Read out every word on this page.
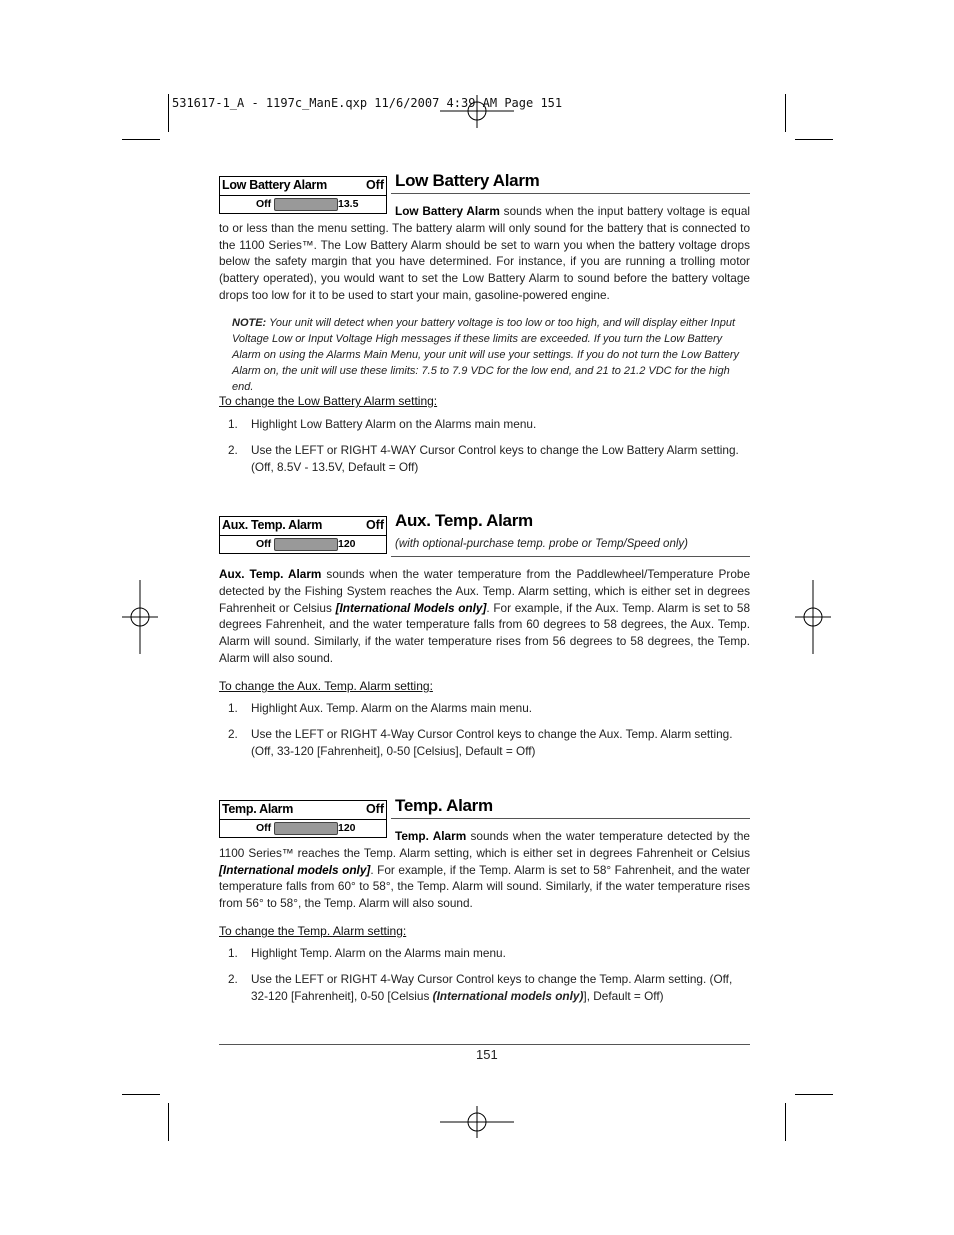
531617-1_A - 1197c_ManE.qxp 11/6/2007 4:39 AM Page 151
Low Battery Alarm	Off
Off	13.5
Low Battery Alarm
Low Battery Alarm sounds when the input battery voltage is equal to or less than the menu setting. The battery alarm will only sound for the battery that is connected to the 1100 Series™. The Low Battery Alarm should be set to warn you when the battery voltage drops below the safety margin that you have determined. For instance, if you are running a trolling motor (battery operated), you would want to set the Low Battery Alarm to sound before the battery voltage drops too low for it to be used to start your main, gasoline-powered engine.
NOTE: Your unit will detect when your battery voltage is too low or too high, and will display either Input Voltage Low or Input Voltage High messages if these limits are exceeded. If you turn the Low Battery Alarm on using the Alarms Main Menu, your unit will use your settings. If you do not turn the Low Battery Alarm on, the unit will use these limits: 7.5 to 7.9 VDC for the low end, and 21 to 21.2 VDC for the high end.
To change the Low Battery Alarm setting:
1. Highlight Low Battery Alarm on the Alarms main menu.
2. Use the LEFT or RIGHT 4-WAY Cursor Control keys to change the Low Battery Alarm setting. (Off, 8.5V - 13.5V, Default = Off)
Aux. Temp. Alarm	Off
Off	120
Aux. Temp. Alarm
(with optional-purchase temp. probe or Temp/Speed only)
Aux. Temp. Alarm sounds when the water temperature from the Paddlewheel/Temperature Probe detected by the Fishing System reaches the Aux. Temp. Alarm setting, which is either set in degrees Fahrenheit or Celsius [International Models only]. For example, if the Aux. Temp. Alarm is set to 58 degrees Fahrenheit, and the water temperature falls from 60 degrees to 58 degrees, the Aux. Temp. Alarm will sound. Similarly, if the water temperature rises from 56 degrees to 58 degrees, the Temp. Alarm will also sound.
To change the Aux. Temp. Alarm setting:
1. Highlight Aux. Temp. Alarm on the Alarms main menu.
2. Use the LEFT or RIGHT 4-Way Cursor Control keys to change the Aux. Temp. Alarm setting. (Off, 33-120 [Fahrenheit], 0-50 [Celsius], Default = Off)
Temp. Alarm	Off
Off	120
Temp. Alarm
Temp. Alarm sounds when the water temperature detected by the 1100 Series™ reaches the Temp. Alarm setting, which is either set in degrees Fahrenheit or Celsius [International models only]. For example, if the Temp. Alarm is set to 58° Fahrenheit, and the water temperature falls from 60° to 58°, the Temp. Alarm will sound. Similarly, if the water temperature rises from 56° to 58°, the Temp. Alarm will also sound.
To change the Temp. Alarm setting:
1. Highlight Temp. Alarm on the Alarms main menu.
2. Use the LEFT or RIGHT 4-Way Cursor Control keys to change the Temp. Alarm setting. (Off, 32-120 [Fahrenheit], 0-50 [Celsius (International models only)], Default = Off)
151
